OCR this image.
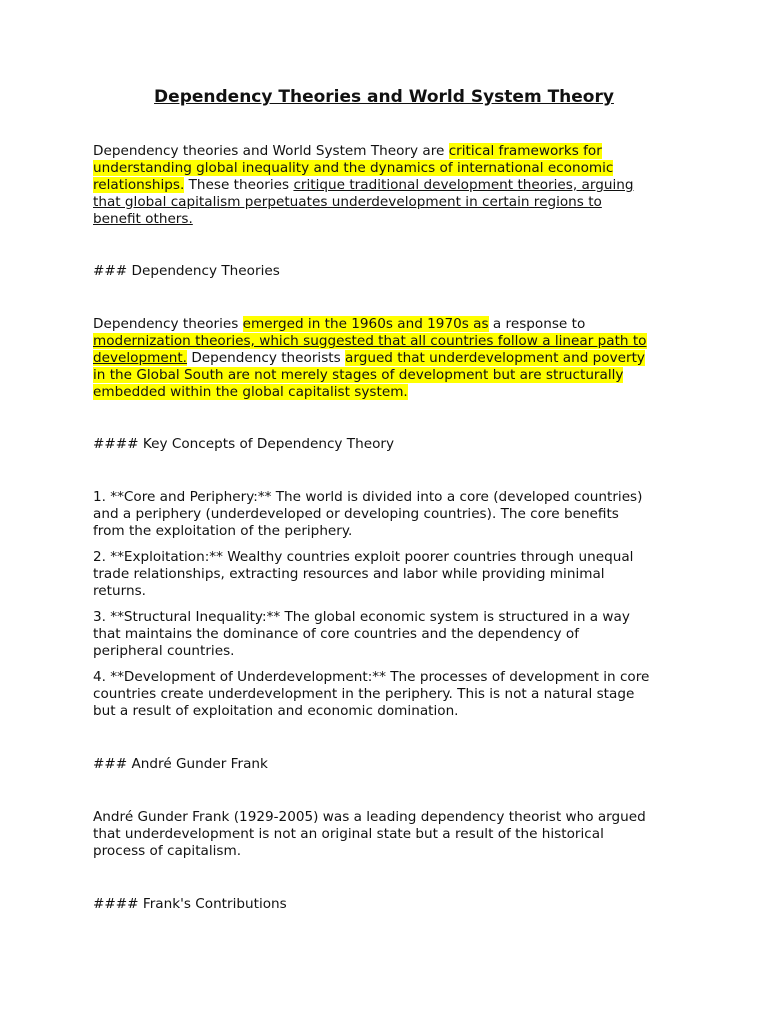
Dependency Theories and World System Theory

Dependency theories and World System Theory are critical frameworks for
understanding global inequality and the dynamics of international economic
relationships. These theories critique traditional development theories, arguing
that global capitalism perpetuates underdevelopment in certain regions to
benefit others.

### Dependency Theories

Dependency theories emerged in the 1960s and 1970s as a response to
modernization theories, which suggested that all countries follow a linear path to
development. Dependency theorists argued that underdevelopment and poverty
in the Global South are not merely stages of development but are structurally
embedded within the global capitalist system.

#### Key Concepts of Dependency Theory

1. **Core and Periphery:** The world is divided into a core (developed countries)
and a periphery (underdeveloped or developing countries). The core benefits
from the exploitation of the periphery.

2. **Exploitation:** Wealthy countries exploit poorer countries through unequal
trade relationships, extracting resources and labor while providing minimal
returns.

3. **Structural Inequality:** The global economic system is structured in a way
that maintains the dominance of core countries and the dependency of
peripheral countries.

4. **Development of Underdevelopment:** The processes of development in core
countries create underdevelopment in the periphery. This is not a natural stage
but a result of exploitation and economic domination.

### André Gunder Frank

André Gunder Frank (1929-2005) was a leading dependency theorist who argued
that underdevelopment is not an original state but a result of the historical
process of capitalism.

#### Frank's Contributions
